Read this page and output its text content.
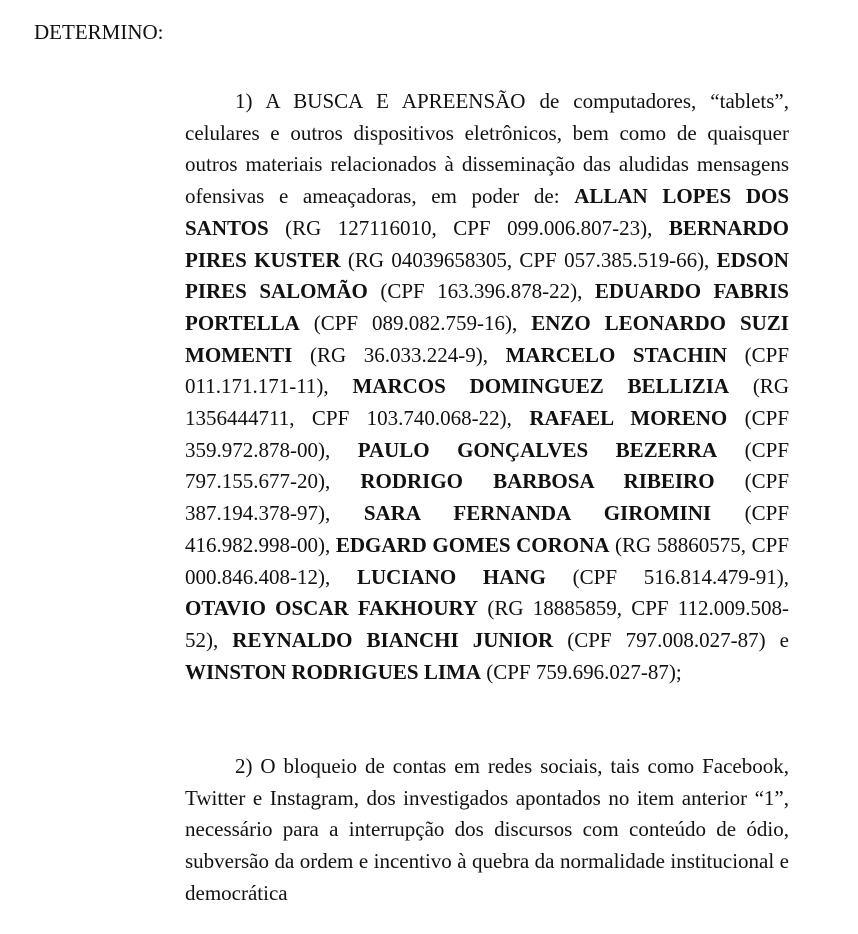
DETERMINO:
1) A BUSCA E APREENSÃO de computadores, “tablets”, celulares e outros dispositivos eletrônicos, bem como de quaisquer outros materiais relacionados à disseminação das aludidas mensagens ofensivas e ameaçadoras, em poder de: ALLAN LOPES DOS SANTOS (RG 127116010, CPF 099.006.807-23), BERNARDO PIRES KUSTER (RG 04039658305, CPF 057.385.519-66), EDSON PIRES SALOMÃO (CPF 163.396.878-22), EDUARDO FABRIS PORTELLA (CPF 089.082.759-16), ENZO LEONARDO SUZI MOMENTI (RG 36.033.224-9), MARCELO STACHIN (CPF 011.171.171-11), MARCOS DOMINGUEZ BELLIZIA (RG 1356444711, CPF 103.740.068-22), RAFAEL MORENO (CPF 359.972.878-00), PAULO GONÇALVES BEZERRA (CPF 797.155.677-20), RODRIGO BARBOSA RIBEIRO (CPF 387.194.378-97), SARA FERNANDA GIROMINI (CPF 416.982.998-00), EDGARD GOMES CORONA (RG 58860575, CPF 000.846.408-12), LUCIANO HANG (CPF 516.814.479-91), OTAVIO OSCAR FAKHOURY (RG 18885859, CPF 112.009.508-52), REYNALDO BIANCHI JUNIOR (CPF 797.008.027-87) e WINSTON RODRIGUES LIMA (CPF 759.696.027-87);
2) O bloqueio de contas em redes sociais, tais como Facebook, Twitter e Instagram, dos investigados apontados no item anterior “1”, necessário para a interrupção dos discursos com conteúdo de ódio, subversão da ordem e incentivo à quebra da normalidade institucional e democrática
